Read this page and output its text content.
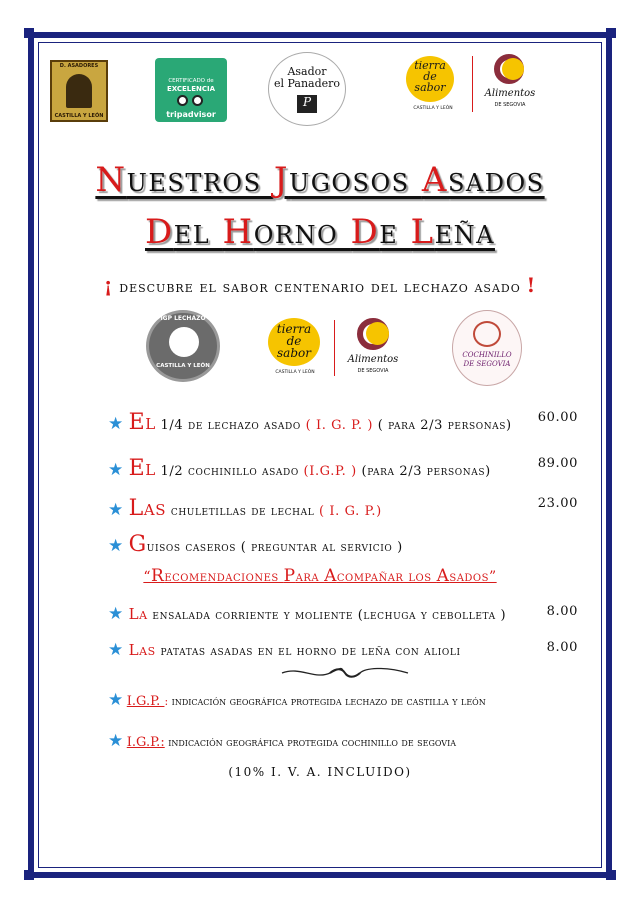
D. ASADORES
CASTILLA Y LEÓN
CERTIFICADO de
EXCELENCIA
tripadvisor
Asador
el Panadero
P
tierra
de
sabor
CASTILLA Y LEÓN
Alimentos
DE SEGOVIA
Nuestros Jugosos Asados
Del Horno De Leña
¡ descubre el sabor centenario del lechazo asado !
IGP LECHAZO
CASTILLA Y LEÓN
tierra
de
sabor
CASTILLA Y LEÓN
Alimentos
DE SEGOVIA
COCHINILLO
DE SEGOVIA
★ El 1/4 de lechazo asado ( I. G. P. ) ( para 2/3 personas)
60.00
★ El 1/2 cochinillo asado (I.G.P. ) (para 2/3 personas)
89.00
★ Las chuletillas de lechal ( I. G. P.)
23.00
★ Guisos caseros ( preguntar al servicio )
“Recomendaciones Para Acompañar los Asados”
★ La ensalada corriente y moliente (lechuga y cebolleta )	8.00
★ Las patatas asadas en el horno de leña con alioli	8.00
★ I.G.P. : indicación geográfica protegida lechazo de castilla y león
★ I.G.P.: indicación geográfica protegida cochinillo de segovia
(10% I. V. A. INCLUIDO)
